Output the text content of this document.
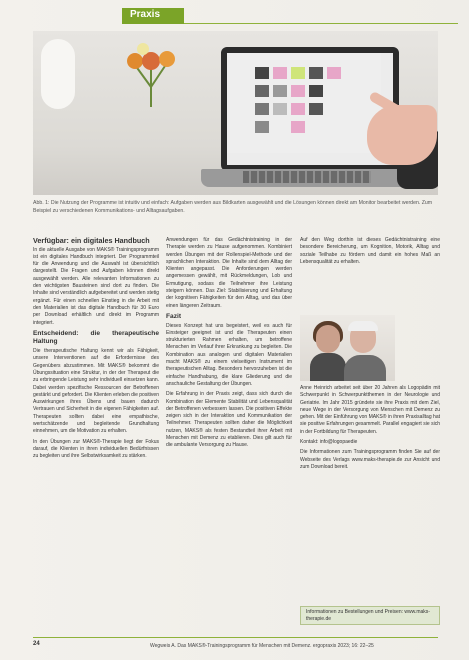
Praxis
Abb. 1: Die Nutzung der Programme ist intuitiv und einfach: Aufgaben werden aus Bildkarten ausgewählt und die Lösungen können direkt am Monitor bearbeitet werden. Zum Beispiel zu verschiedenen Kommunikations- und Alltagsaufgaben.
Verfügbar: ein digitales Handbuch

In die aktuelle Ausgabe von MAKS® Trainingsprogramm ist ein digitales Handbuch integriert. Der Programmteil für die Anwendung und die Auswahl ist übersichtlich dargestellt. Die Fragen und Aufgaben können direkt ausgewählt werden. Alle relevanten Informationen zu den wichtigsten Bausteinen sind dort zu finden. Die Inhalte sind verständlich aufgebereitet und werden stetig ergänzt. Für einen schnellen Einstieg in die Arbeit mit den Materialien ist das digitale Handbuch für 30 Euro per Download erhältlich und direkt im Programm integriert.

Entscheidend: die therapeutische Haltung

Die therapeutische Haltung kennt wir als Fähigkeit, unsere Interventionen auf die Erfordernisse des Gegenübers abzustimmen. Mit MAKS® bekommt die Übungssituation eine Struktur, in der der Therapeut die zu erbringende Leistung sehr individuell einsetzen kann. Dabei werden spezifische Ressourcen der Betroffenen gestärkt und gefordert. Die Klienten erleben die positiven Auswirkungen ihres Übens und bauen dadurch Vertrauen und Sicherheit in die eigenen Fähigkeiten auf. Therapeuten sollten dabei eine empathische, wertschätzende und begleitende Grundhaltung einnehmen, um die Motivation zu erhalten.

In den Übungen zur MAKS®-Therapie liegt der Fokus darauf, die Klienten in ihren individuellen Bedürfnissen zu begleiten und ihre Selbstwirksamkeit zu stärken.

Anwendungen für das Gedächtnistraining in der Therapie werden zu Hause aufgenommen. Kombiniert werden Übungen mit der Rollenspiel-Methode und der sprachlichen Interaktion. Die Inhalte sind dem Alltag der Klienten angepasst. Die Anforderungen werden angemessen gewählt, mit Rückmeldungen, Lob und Ermutigung, sodass die Teilnehmer ihre Leistung steigern können. Das Ziel: Stabilisierung und Erhaltung der kognitiven Fähigkeiten für den Alltag, und das über einen längeren Zeitraum.

Fazit

Dieses Konzept hat uns begeistert, weil es auch für Einsteiger geeignet ist und die Therapeuten einen strukturierten Rahmen erhalten, um betroffene Menschen im Verlauf ihrer Erkrankung zu begleiten. Die Kombination aus analogen und digitalen Materialien macht MAKS® zu einem vielseitigen Instrument im therapeutischen Alltag. Besonders hervorzuheben ist die einfache Handhabung, die klare Gliederung und die anschauliche Gestaltung der Übungen.

Die Erfahrung in der Praxis zeigt, dass sich durch die Kombination der Elemente Stabilität und Lebensqualität der Betroffenen verbessern lassen. Die positiven Effekte zeigen sich in der Interaktion und Kommunikation der Teilnehmer. Therapeuten sollten daher die Möglichkeit nutzen, MAKS® als festen Bestandteil ihrer Arbeit mit Menschen mit Demenz zu etablieren. Dies gilt auch für die ambulante Versorgung zu Hause.

Auf den Weg dorthin ist dieses Gedächtnistraining eine besondere Bereicherung, um Kognition, Motorik, Alltag und soziale Teilhabe zu fördern und damit ein hohes Maß an Lebensqualität zu erhalten.

Anne Heinrich arbeitet seit über 20 Jahren als Logopädin mit Schwerpunkt in Schwerpunktthemen in der Neurologie und Geriatrie. Im Jahr 2015 gründete sie ihre Praxis mit dem Ziel, neue Wege in der Versorgung von Menschen mit Demenz zu gehen. Mit der Einführung von MAKS® in ihren Praxisalltag hat sie positive Erfahrungen gesammelt. Parallel engagiert sie sich in der Fortbildung für Therapeuten.

Kontakt: info@logopaedie

Die Informationen zum Trainingsprogramm finden Sie auf der Webseite des Verlags www.maks-therapie.de zur Ansicht und zum Download bereit.

Informationen zu Bestellungen und Preisen: www.maks-therapie.de
24	Wegweis A. Das MAKS®-Trainingsprogramm für Menschen mit Demenz. ergopraxis 2023; 16: 22–25
